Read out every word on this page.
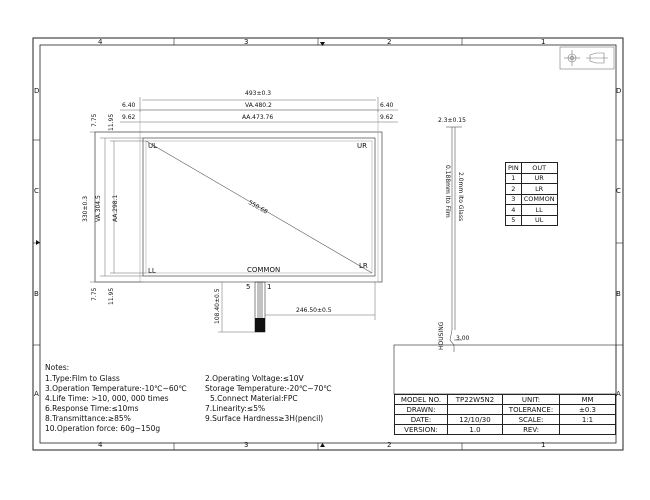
4	3	2	1
4	3	2	1
D
C
B
A
D
C
B
A
493±0.3
VA.480.2
AA.473.76
6.40	6.40
9.62	9.62
7.75 11.95
330±0.3 VA.304.5 AA.298.1
7.75 11.95
UL	UR
LL
LR
COMMON
5 1
550.68
108.40±0.5	246.50±0.5
2.3±0.15
2.0mm Ito Glass
0.188mm Ito Film
HOUSING 3.00
PIN	OUT
1	UR
2	LR
3	COMMON
4	LL
5	UL
Notes:
1.Type:Film to Glass
3.Operation Temperature:-10℃~60℃
4.Life Time: >10, 000, 000 times
6.Response Time:≤10ms
8.Transmittance:≥85%
10.Operation force: 60g~150g
2.Operating Voltage:≤10V
Storage Temperature:-20℃~70℃
5.Connect Material:FPC
7.Linearity:≤5%
9.Surface Hardness≥3H(pencil)
MODEL NO.	TP22W5N2	UNIT:	MM
DRAWN:		TOLERANCE:	±0.3
DATE:	12/10/30	SCALE:	1:1
VERSION:	1.0	REV:	
